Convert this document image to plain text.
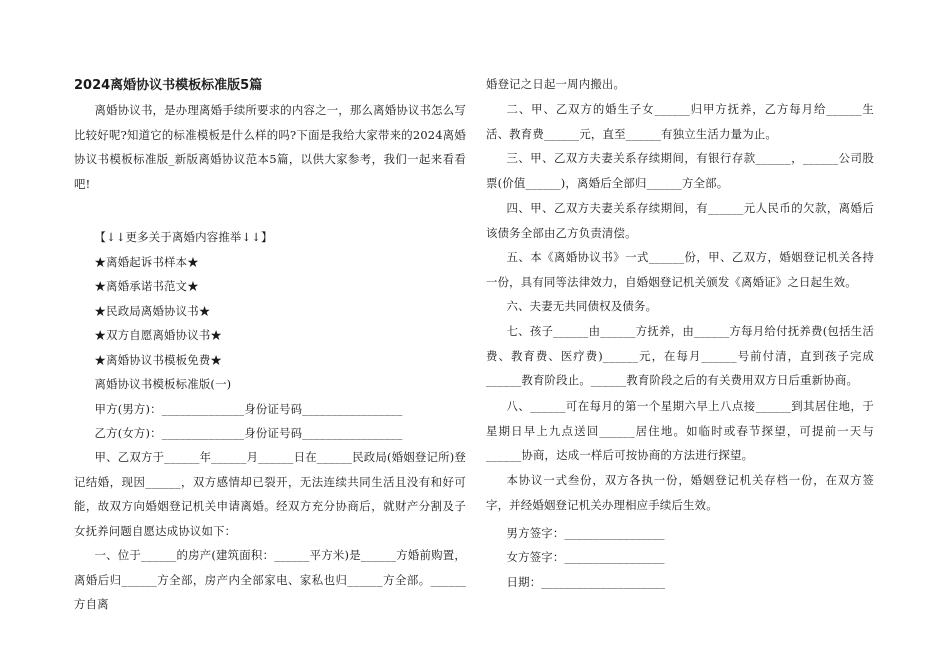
2024离婚协议书模板标准版5篇

离婚协议书，是办理离婚手续所要求的内容之一，那么离婚协议书怎么写比较好呢?知道它的标准模板是什么样的吗?下面是我给大家带来的2024离婚协议书模板标准版_新版离婚协议范本5篇，以供大家参考，我们一起来看看吧!

【↓↓更多关于离婚内容推举↓↓】

★离婚起诉书样本★

★离婚承诺书范文★

★民政局离婚协议书★

★双方自愿离婚协议书★

★离婚协议书模板免费★

离婚协议书模板标准版(一)

甲方(男方)：______________身份证号码_________________

乙方(女方)：______________身份证号码_________________

甲、乙双方于______年______月______日在______民政局(婚姻登记所)登记结婚，现因______，双方感情却已裂开，无法连续共同生活且没有和好可能，故双方向婚姻登记机关申请离婚。经双方充分协商后，就财产分割及子女抚养问题自愿达成协议如下：

一、位于______的房产(建筑面积：______平方米)是______方婚前购置，离婚后归______方全部，房产内全部家电、家私也归______方全部。______方自离

婚登记之日起一周内搬出。

二、甲、乙双方的婚生子女______归甲方抚养，乙方每月给______生活、教育费______元，直至______有独立生活力量为止。

三、甲、乙双方夫妻关系存续期间，有银行存款______，______公司股票(价值______)，离婚后全部归______方全部。

四、甲、乙双方夫妻关系存续期间，有______元人民币的欠款，离婚后该债务全部由乙方负责清偿。

五、本《离婚协议书》一式______份，甲、乙双方，婚姻登记机关各持一份，具有同等法律效力，自婚姻登记机关颁发《离婚证》之日起生效。

六、夫妻无共同债权及债务。

七、孩子______由______方抚养，由______方每月给付抚养费(包括生活费、教育费、医疗费)______元，在每月______号前付清，直到孩子完成______教育阶段止。______教育阶段之后的有关费用双方日后重新协商。

八、______可在每月的第一个星期六早上八点接______到其居住地，于星期日早上九点送回______居住地。如临时或春节探望，可提前一天与______协商，达成一样后可按协商的方法进行探望。

本协议一式叁份，双方各执一份，婚姻登记机关存档一份，在双方签字，并经婚姻登记机关办理相应手续后生效。

男方签字：_________________

女方签字：_________________

日期：_____________________
